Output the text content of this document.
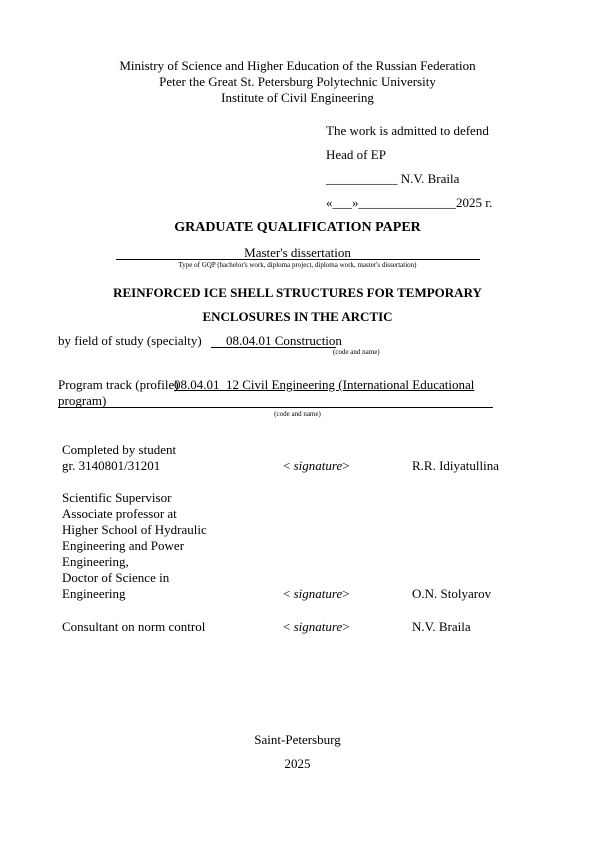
Ministry of Science and Higher Education of the Russian Federation
Peter the Great St. Petersburg Polytechnic University
Institute of Civil Engineering
The work is admitted to defend
Head of EP
___________ N.V. Braila
«___»_______________2025 г.
GRADUATE QUALIFICATION PAPER
Master's dissertation
Type of GQP (bachelor's work, diploma project, diploma work, master's dissertation)
REINFORCED ICE SHELL STRUCTURES FOR TEMPORARY
ENCLOSURES IN THE ARCTIC
by field of study (specialty) 08.04.01 Construction
(code and name)
Program track (profile)
08.04.01_12 Civil Engineering (International Educational
program)
(code and name)
Completed by student
gr. 3140801/31201	< signature>	R.R. Idiyatullina
Scientific Supervisor
Associate professor at
Higher School of Hydraulic
Engineering and Power
Engineering,
Doctor of Science in
Engineering	< signature>	O.N. Stolyarov
Consultant on norm control	< signature>	N.V. Braila
Saint-Petersburg
2025
